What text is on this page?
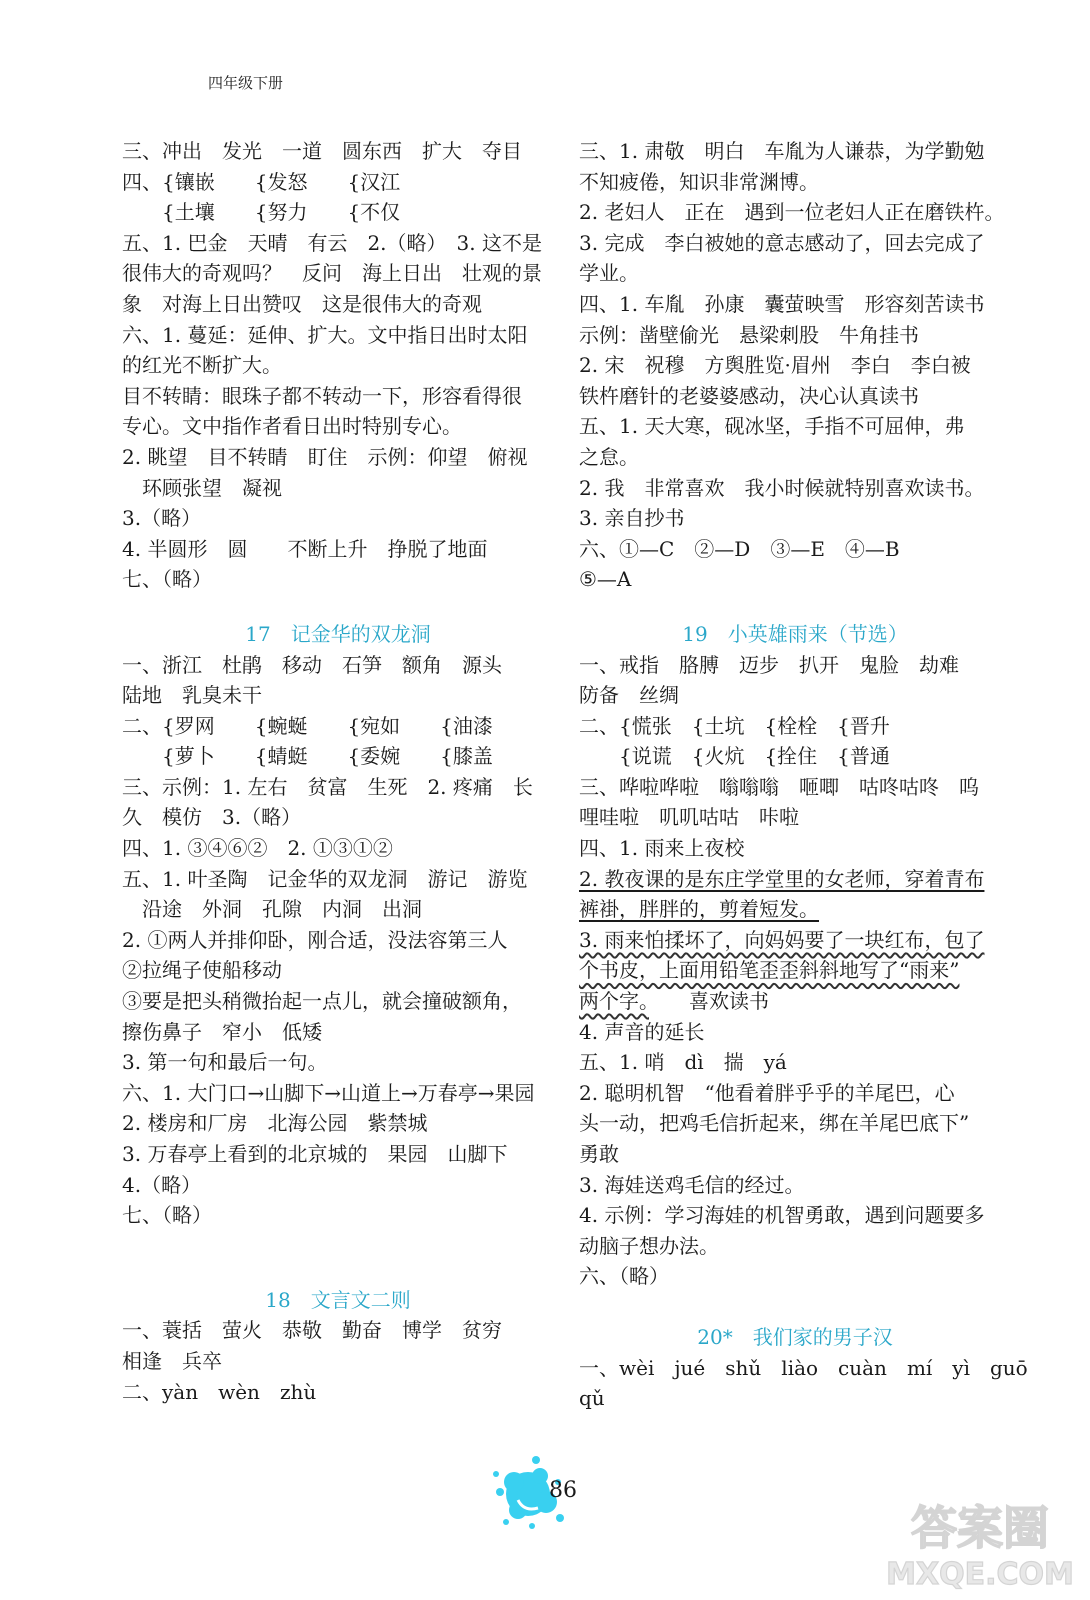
四年级下册
三、冲出　发光　一道　圆东西　扩大　夺目
四、{镶嵌　　{发怒　　{汉江
　　{土壤　　{努力　　{不仅
五、1. 巴金　天晴　有云　2.（略）　3. 这不是
很伟大的奇观吗？　反问　海上日出　壮观的景
象　对海上日出赞叹　这是很伟大的奇观
六、1. 蔓延：延伸、扩大。文中指日出时太阳
的红光不断扩大。
目不转睛：眼珠子都不转动一下，形容看得很
专心。文中指作者看日出时特别专心。
2. 眺望　目不转睛　盯住　示例：仰望　俯视
　环顾张望　凝视
3.（略）
4. 半圆形　圆　　不断上升　挣脱了地面
七、（略）
17　记金华的双龙洞
一、浙江　杜鹃　移动　石笋　额角　源头
陆地　乳臭未干
二、{罗网　　{蜿蜒　　{宛如　　{油漆
　　{萝卜　　{蜻蜓　　{委婉　　{膝盖
三、示例：1. 左右　贫富　生死　2. 疼痛　长
久　模仿　3.（略）
四、1. ③④⑥②　2. ①③①②
五、1. 叶圣陶　记金华的双龙洞　游记　游览
　沿途　外洞　孔隙　内洞　出洞
2. ①两人并排仰卧，刚合适，没法容第三人
②拉绳子使船移动
③要是把头稍微抬起一点儿，就会撞破额角，
擦伤鼻子　窄小　低矮
3. 第一句和最后一句。
六、1. 大门口→山脚下→山道上→万春亭→果园
2. 楼房和厂房　北海公园　紫禁城
3. 万春亭上看到的北京城的　果园　山脚下
4.（略）
七、（略）
18　文言文二则
一、蓑括　萤火　恭敬　勤奋　博学　贫穷
相逢　兵卒
二、yàn　wèn　zhù
三、1. 肃敬　明白　车胤为人谦恭，为学勤勉
不知疲倦，知识非常渊博。
2. 老妇人　正在　遇到一位老妇人正在磨铁杵。
3. 完成　李白被她的意志感动了，回去完成了
学业。
四、1. 车胤　孙康　囊萤映雪　形容刻苦读书
示例：凿壁偷光　悬梁刺股　牛角挂书
2. 宋　祝穆　方舆胜览·眉州　李白　李白被
铁杵磨针的老婆婆感动，决心认真读书
五、1. 天大寒，砚冰坚，手指不可屈伸，弗
之怠。
2. 我　非常喜欢　我小时候就特别喜欢读书。
3. 亲自抄书
六、①—C　②—D　③—E　④—B
⑤—A
19　小英雄雨来（节选）
一、戒指　胳膊　迈步　扒开　鬼脸　劫难
防备　丝绸
二、{慌张　{土坑　{栓栓　{晋升
　　{说谎　{火炕　{拴住　{普通
三、哗啦哗啦　嗡嗡嗡　咂唧　咕咚咕咚　呜
哩哇啦　叽叽咕咕　咔啦
四、1. 雨来上夜校
2. 教夜课的是东庄学堂里的女老师，穿着青布
裤褂，胖胖的，剪着短发。
3. 雨来怕揉坏了，向妈妈要了一块红布，包了
个书皮，上面用铅笔歪歪斜斜地写了“雨来”
两个字。　　喜欢读书
4. 声音的延长
五、1. 哨　dì　揣　yá
2. 聪明机智　“他看着胖乎乎的羊尾巴，心
头一动，把鸡毛信折起来，绑在羊尾巴底下”
勇敢
3. 海娃送鸡毛信的经过。
4. 示例：学习海娃的机智勇敢，遇到问题要多
动脑子想办法。
六、（略）
20*　我们家的男子汉
一、wèi　jué　shǔ　liào　cuàn　mí　yì　guō
qǔ
86
答案圈
MXQE.COM
